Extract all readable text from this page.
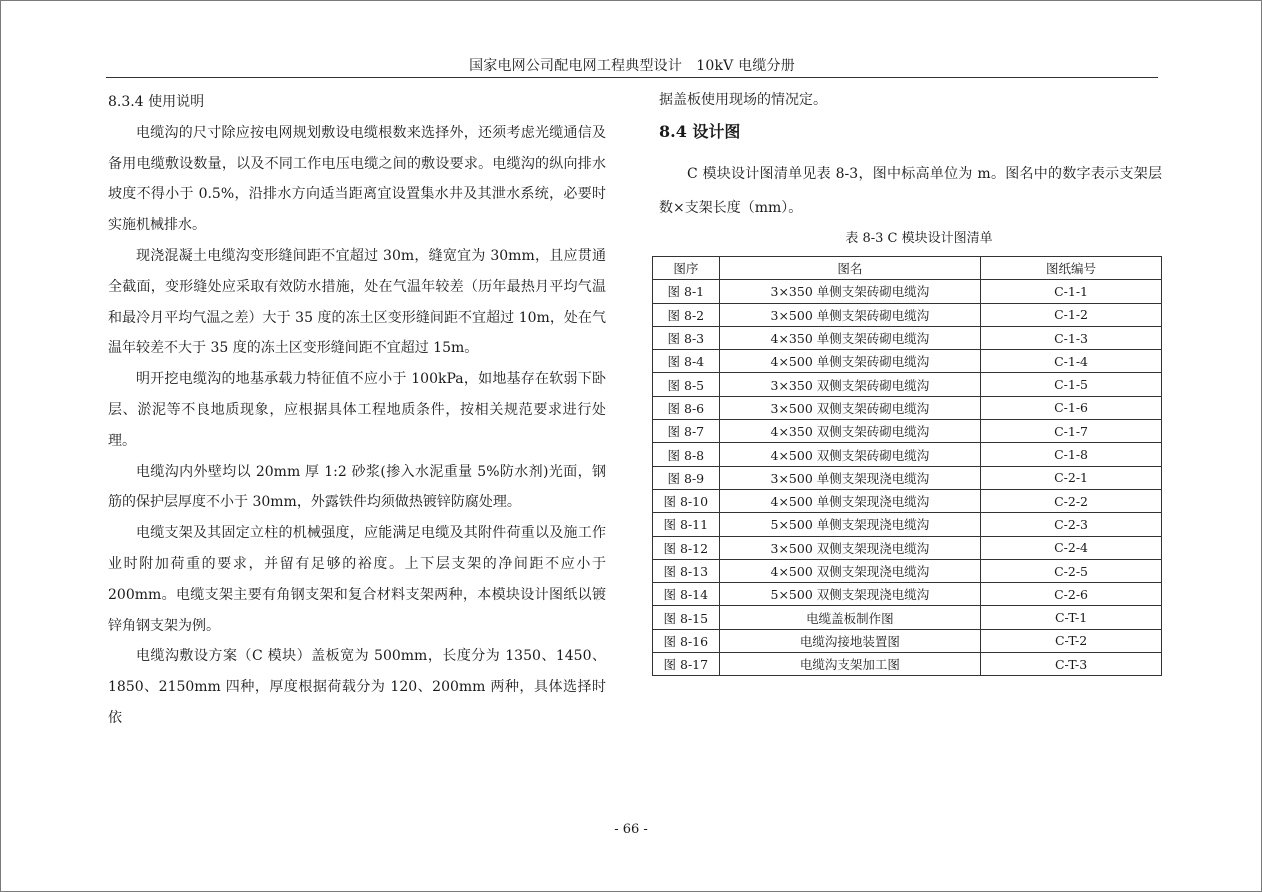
国家电网公司配电网工程典型设计　10kV 电缆分册

8.3.4 使用说明

电缆沟的尺寸除应按电网规划敷设电缆根数来选择外，还须考虑光缆通信及备用电缆敷设数量，以及不同工作电压电缆之间的敷设要求。电缆沟的纵向排水坡度不得小于 0.5%，沿排水方向适当距离宜设置集水井及其泄水系统，必要时实施机械排水。

现浇混凝土电缆沟变形缝间距不宜超过 30m，缝宽宜为 30mm，且应贯通全截面，变形缝处应采取有效防水措施，处在气温年较差（历年最热月平均气温和最冷月平均气温之差）大于 35 度的冻土区变形缝间距不宜超过 10m，处在气温年较差不大于 35 度的冻土区变形缝间距不宜超过 15m。

明开挖电缆沟的地基承载力特征值不应小于 100kPa，如地基存在软弱下卧层、淤泥等不良地质现象，应根据具体工程地质条件，按相关规范要求进行处理。

电缆沟内外壁均以 20mm 厚 1:2 砂浆(掺入水泥重量 5%防水剂)光面，钢筋的保护层厚度不小于 30mm，外露铁件均须做热镀锌防腐处理。

电缆支架及其固定立柱的机械强度，应能满足电缆及其附件荷重以及施工作业时附加荷重的要求，并留有足够的裕度。上下层支架的净间距不应小于 200mm。电缆支架主要有角钢支架和复合材料支架两种，本模块设计图纸以镀锌角钢支架为例。

电缆沟敷设方案（C 模块）盖板宽为 500mm，长度分为 1350、1450、1850、2150mm 四种，厚度根据荷载分为 120、200mm 两种，具体选择时依

据盖板使用现场的情况定。

8.4 设计图

C 模块设计图清单见表 8-3，图中标高单位为 m。图名中的数字表示支架层数×支架长度（mm）。

表 8-3 C 模块设计图清单

图序	图名	图纸编号
图 8-1	3×350 单侧支架砖砌电缆沟	C-1-1
图 8-2	3×500 单侧支架砖砌电缆沟	C-1-2
图 8-3	4×350 单侧支架砖砌电缆沟	C-1-3
图 8-4	4×500 单侧支架砖砌电缆沟	C-1-4
图 8-5	3×350 双侧支架砖砌电缆沟	C-1-5
图 8-6	3×500 双侧支架砖砌电缆沟	C-1-6
图 8-7	4×350 双侧支架砖砌电缆沟	C-1-7
图 8-8	4×500 双侧支架砖砌电缆沟	C-1-8
图 8-9	3×500 单侧支架现浇电缆沟	C-2-1
图 8-10	4×500 单侧支架现浇电缆沟	C-2-2
图 8-11	5×500 单侧支架现浇电缆沟	C-2-3
图 8-12	3×500 双侧支架现浇电缆沟	C-2-4
图 8-13	4×500 双侧支架现浇电缆沟	C-2-5
图 8-14	5×500 双侧支架现浇电缆沟	C-2-6
图 8-15	电缆盖板制作图	C-T-1
图 8-16	电缆沟接地装置图	C-T-2
图 8-17	电缆沟支架加工图	C-T-3
- 66 -
